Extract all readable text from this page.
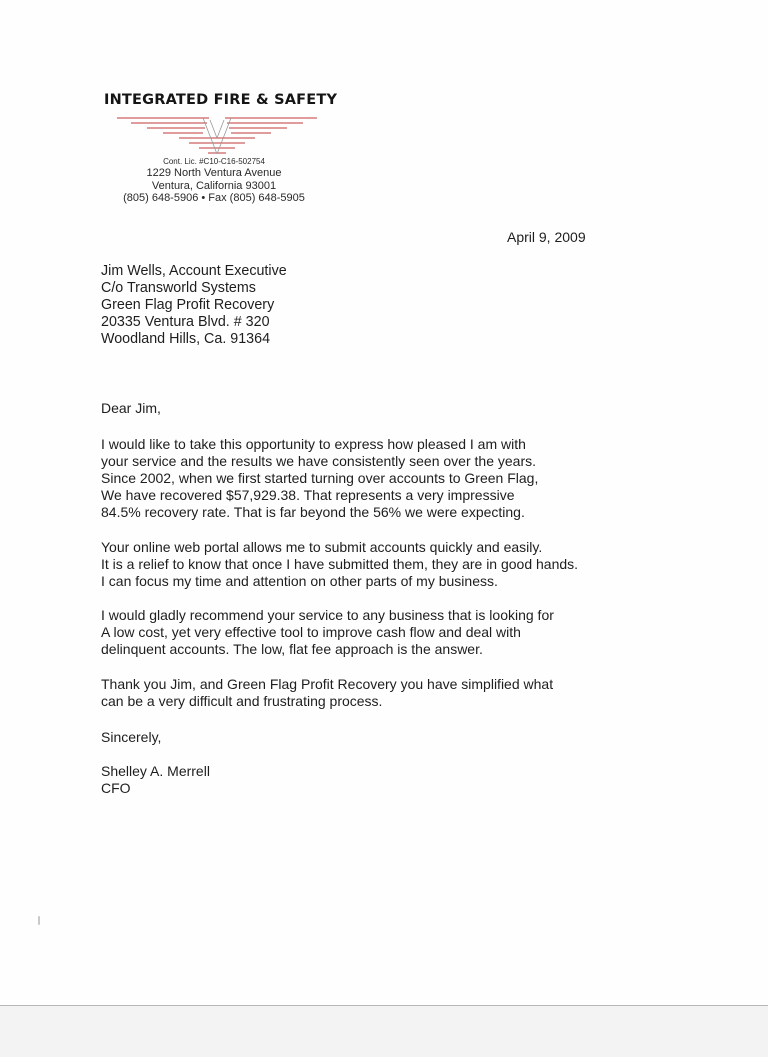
INTEGRATED FIRE & SAFETY
Cont. Lic. #C10-C16-502754
1229 North Ventura Avenue
Ventura, California 93001
(805) 648-5906 • Fax (805) 648-5905
April 9, 2009
Jim Wells, Account Executive
C/o Transworld Systems
Green Flag Profit Recovery
20335 Ventura Blvd. # 320
Woodland Hills, Ca. 91364
Dear Jim,
I would like to take this opportunity to express how pleased I am with
your service and the results we have consistently seen over the years.
Since 2002, when we first started turning over accounts to Green Flag,
We have recovered $57,929.38. That represents a very impressive
84.5% recovery rate. That is far beyond the 56% we were expecting.
Your online web portal allows me to submit accounts quickly and easily.
It is a relief to know that once I have submitted them, they are in good hands.
I can focus my time and attention on other parts of my business.
I would gladly recommend your service to any business that is looking for
A low cost, yet very effective tool to improve cash flow and deal with
delinquent accounts. The low, flat fee approach is the answer.
Thank you Jim, and Green Flag Profit Recovery you have simplified what
can be a very difficult and frustrating process.
Sincerely,
Shelley A. Merrell
CFO
